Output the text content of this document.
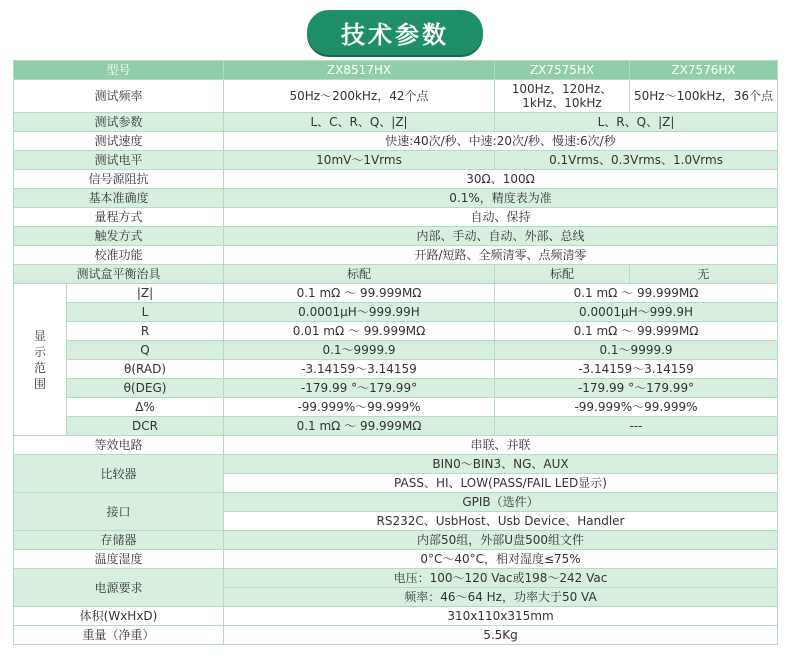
技术参数
型号		ZX8517HX	ZX7575HX	ZX7576HX
测试频率		50Hz～200kHz，42个点	100Hz、120Hz、1kHz、10kHz	50Hz～100kHz，36个点
测试参数		L、C、R、Q、|Z|	L、R、Q、|Z|	
测试速度		快速:40次/秒、中速:20次/秒、慢速:6次/秒		
测试电平		10mV～1Vrms	0.1Vrms、0.3Vrms、1.0Vrms	
信号源阻抗		30Ω、100Ω		
基本准确度		0.1%，精度表为准		
量程方式		自动、保持		
触发方式		内部、手动、自动、外部、总线		
校准功能		开路/短路、全频清零、点频清零		
测试盒平衡治具		标配	标配	无

显
示
范
围	|Z|	0.1 mΩ ～ 99.999MΩ	0.1 mΩ ～ 99.999MΩ	
	L	0.0001μH～999.99H	0.0001μH～999.9H	
	R	0.01 mΩ ～ 99.999MΩ	0.1 mΩ ～ 99.999MΩ	
	Q	0.1～9999.9	0.1～9999.9	
	θ(RAD)	-3.14159～3.14159	-3.14159～3.14159	
	θ(DEG)	-179.99 °～179.99°	-179.99 °～179.99°	
	Δ%	-99.999%～99.999%	-99.999%～99.999%	
	DCR	0.1 mΩ ～ 99.999MΩ	---	
等效电路		串联、并联		
比较器		BIN0～BIN3、NG、AUX		
		PASS、HI、LOW(PASS/FAIL LED显示)		
接口		GPIB（选件）		
		RS232C、UsbHost、Usb Device、Handler		
存储器		内部50组，外部U盘500组文件		
温度湿度		0°C～40°C，相对湿度≤75%		
电源要求		电压：100～120 Vac或198～242 Vac		
		频率：46～64 Hz，功率大于50 VA		
体积(WxHxD)		310x110x315mm		
重量（净重）		5.5Kg		
